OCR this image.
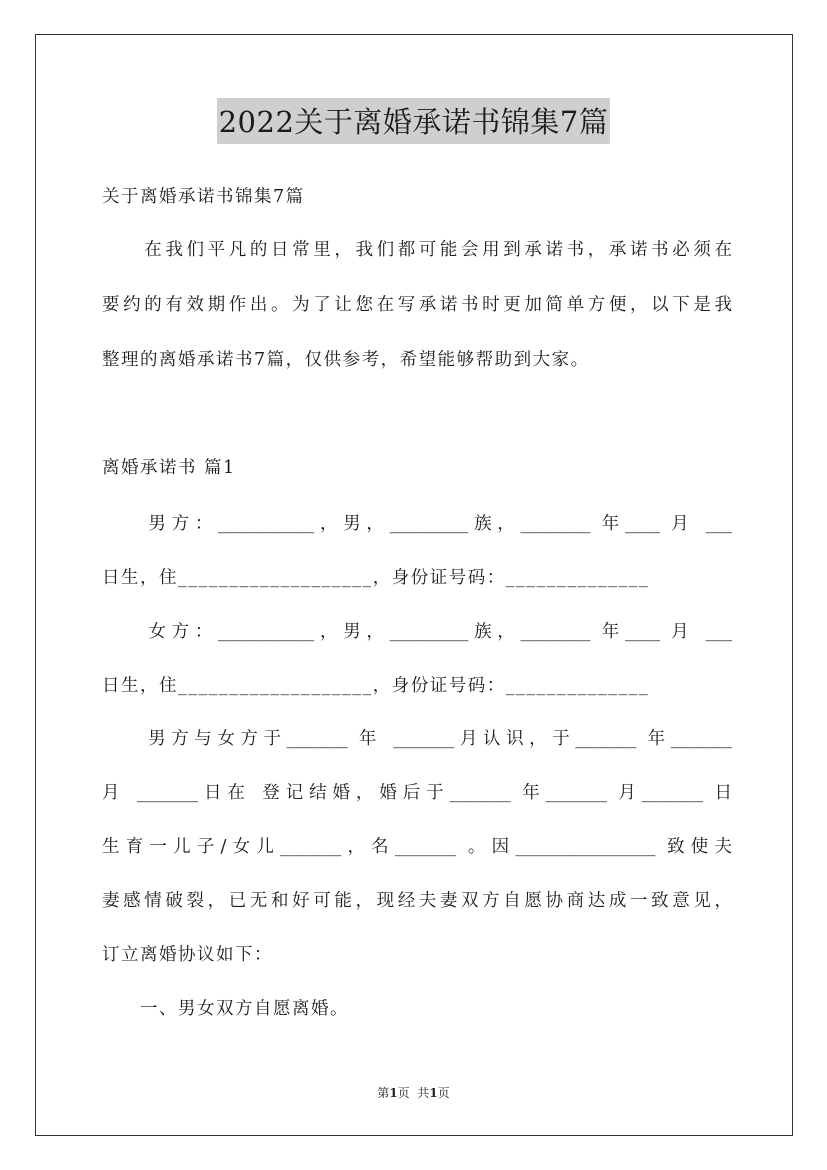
2022关于离婚承诺书锦集7篇
关于离婚承诺书锦集7篇
　　在我们平凡的日常里，我们都可能会用到承诺书，承诺书必须在
要约的有效期作出。为了让您在写承诺书时更加简单方便，以下是我
整理的离婚承诺书7篇，仅供参考，希望能够帮助到大家。
离婚承诺书 篇1
　　男方：___________，男，_________族，________ 年____ 月 ___
日生，住___________________，身份证号码：______________
　　女方：___________，男，_________族，________ 年____ 月 ___
日生，住___________________，身份证号码：______________
　　男方与女方于_______ 年 _______月认识，于_______ 年_______
月 _______日在 登记结婚，婚后于_______ 年_______ 月_______ 日
生育一儿子/女儿_______，名_______ 。因________________ 致使夫
妻感情破裂，已无和好可能，现经夫妻双方自愿协商达成一致意见，
订立离婚协议如下：
　　一、男女双方自愿离婚。
第1页  共1页
